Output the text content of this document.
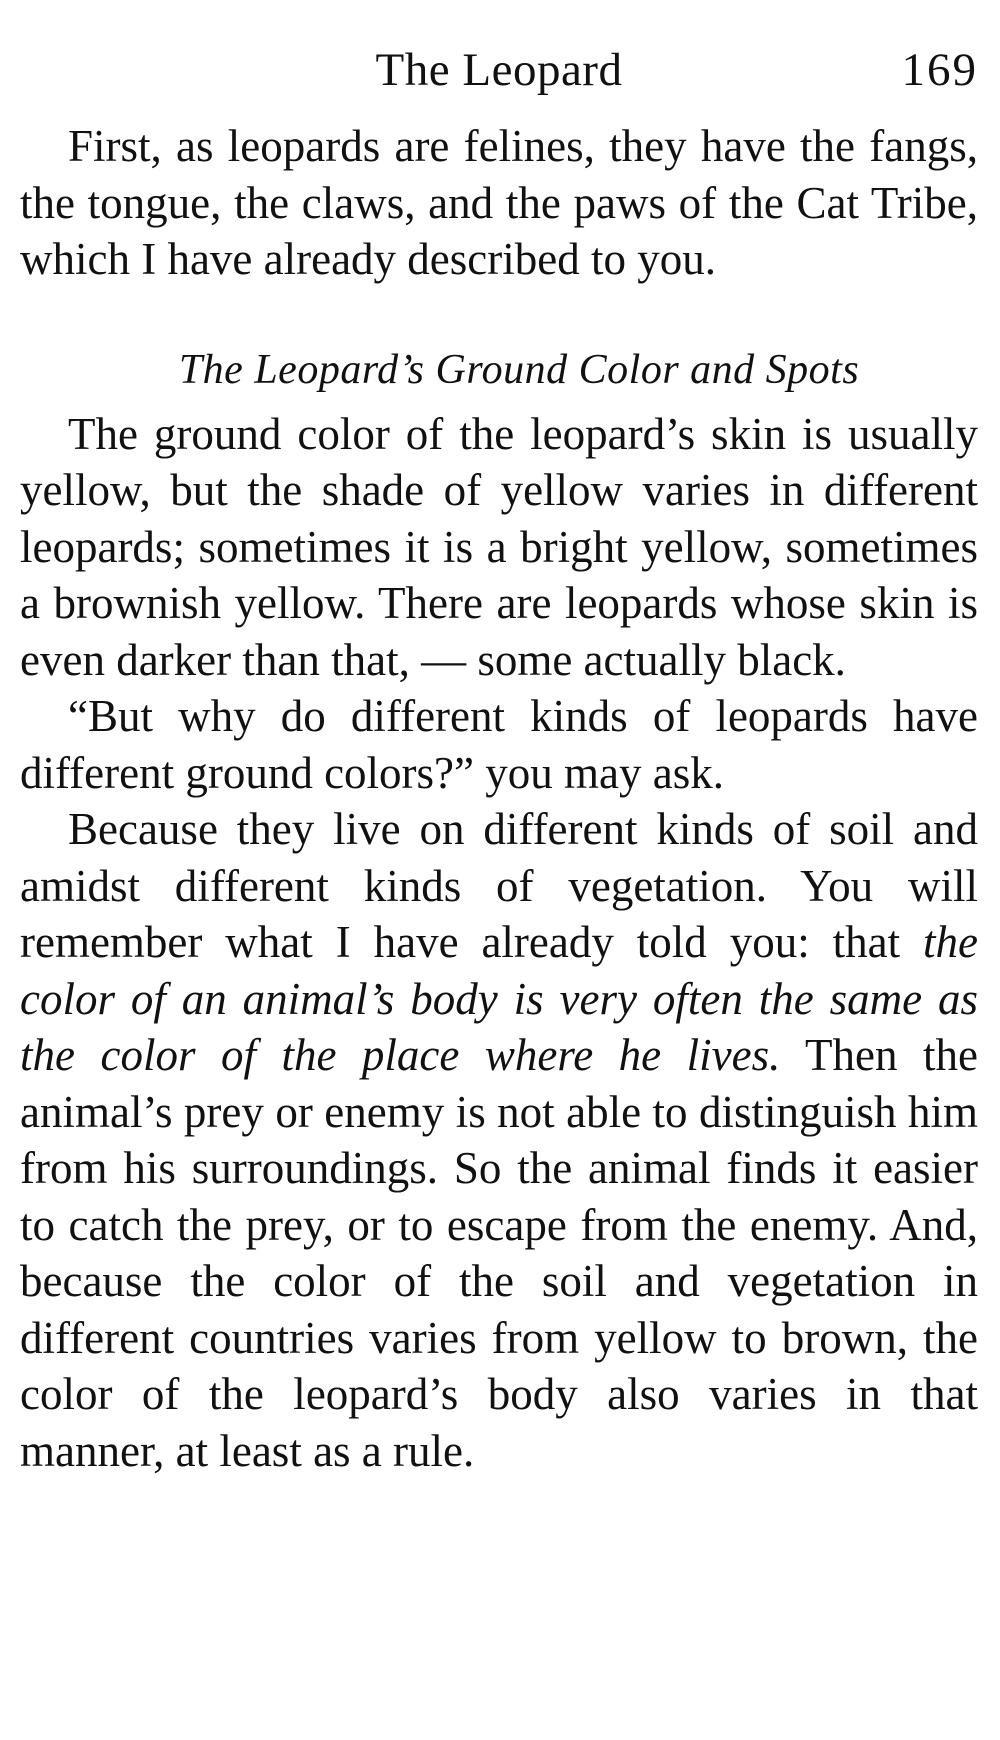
The Leopard	169

First, as leopards are felines, they have the fangs, the tongue, the claws, and the paws of the Cat Tribe, which I have already described to you.

The Leopard’s Ground Color and Spots

The ground color of the leopard’s skin is usually yellow, but the shade of yellow varies in different leopards; sometimes it is a bright yellow, sometimes a brownish yellow. There are leopards whose skin is even darker than that, — some actually black.

“But why do different kinds of leopards have different ground colors?” you may ask.

Because they live on different kinds of soil and amidst different kinds of vegetation. You will remember what I have already told you: that the color of an animal’s body is very often the same as the color of the place where he lives. Then the animal’s prey or enemy is not able to distinguish him from his surroundings. So the animal finds it easier to catch the prey, or to escape from the enemy. And, because the color of the soil and vegetation in different countries varies from yellow to brown, the color of the leopard’s body also varies in that manner, at least as a rule.
